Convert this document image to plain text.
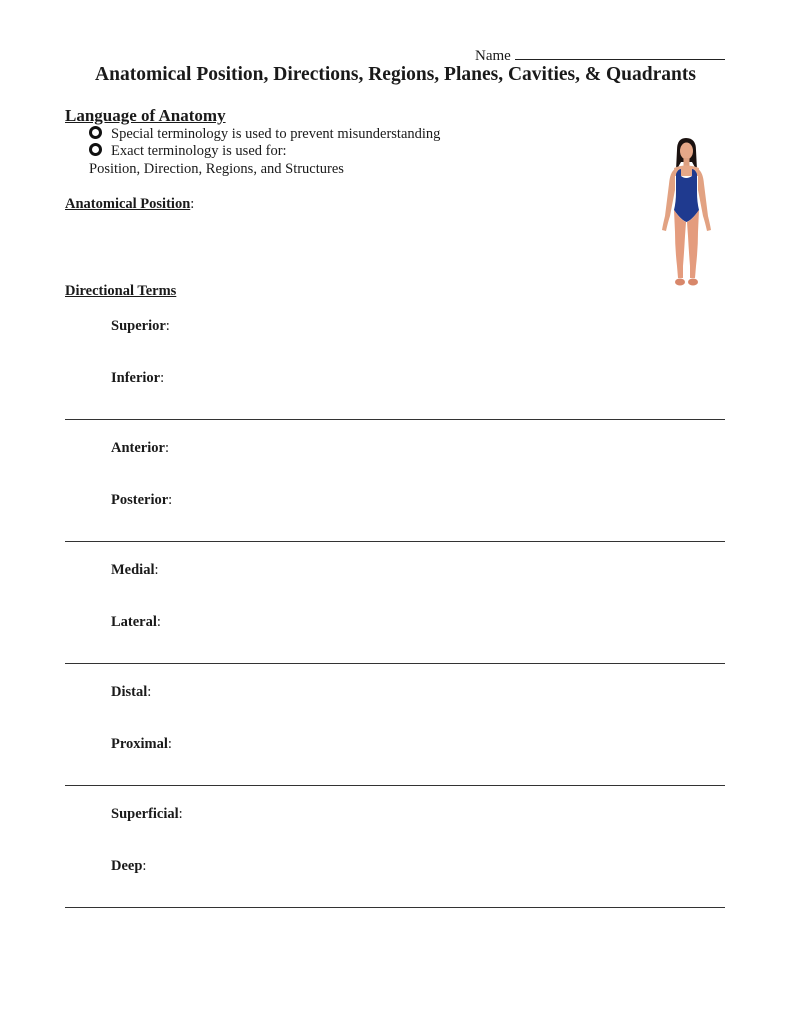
Name
Anatomical Position, Directions, Regions, Planes, Cavities, & Quadrants
Language of Anatomy
Special terminology is used to prevent misunderstanding
Exact terminology is used for:
Position, Direction, Regions, and Structures
Anatomical Position:
Directional Terms
Superior:
Inferior:
Anterior:
Posterior:
Medial:
Lateral:
Distal:
Proximal:
Superficial:
Deep:
